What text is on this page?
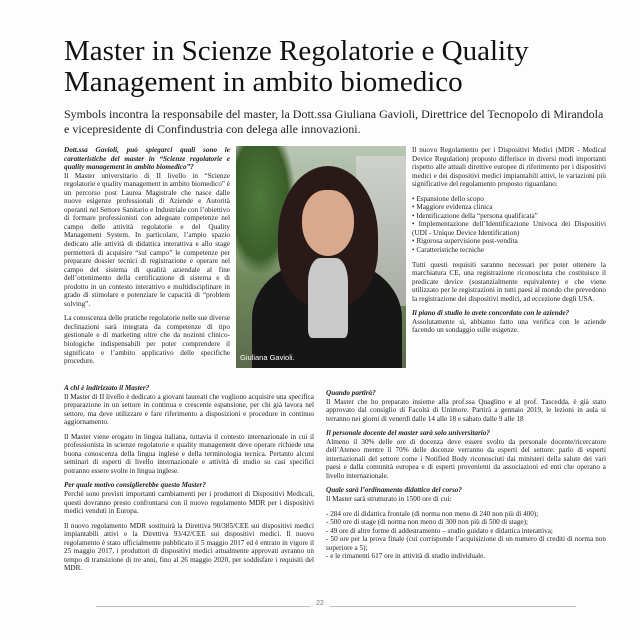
Master in Scienze Regolatorie e Quality Management in ambito biomedico

Symbols incontra la responsabile del master, la Dott.ssa Giuliana Gavioli, Direttrice del Tecnopolo di Mirandola e vicepresidente di Confindustria con delega alle innovazioni.

Dott.ssa Gavioli, può spiegarci quali sono le caratteristiche del master in “Scienze regolatorie e quality management in ambito biomedico”?
Il Master universitario di II livello in “Scienze regolatorie e quality management in ambito biomedico” è un percorso post Laurea Magistrale che nasce dalle nuove esigenze professionali di Aziende e Autorità operanti nel Settore Sanitario e Industriale con l’obiettivo di formare professionisti con adeguate competenze nel campo delle attività regolatorie e del Quality Management System. In particolare, l’ampio spazio dedicato alle attività di didattica interattiva e allo stage permetterà di acquisire “sul campo” le competenze per preparare dossier tecnici di registrazione e operare nel campo del sistema di qualità aziendale al fine dell’ottenimento della certificazione di sistema e di prodotto in un contesto interattivo e multidisciplinare in grado di stimolare e potenziare le capacità di “problem solving”.

La conoscenza delle pratiche regolatorie nelle sue diverse declinazioni sarà integrata da competenze di tipo gestionale e di marketing oltre che da nozioni clinico-biologiche indispensabili per poter comprendere il significato e l’ambito applicativo delle specifiche procedure.	Giuliana Gavioli.

Il nuovo Regolamento per i Dispositivi Medici (MDR - Medical Device Regulation) proposto differisce in diversi modi importanti rispetto alle attuali direttive europee di riferimento per i dispositivi medici e dei dispositivi medici impiantabili attivi, le variazioni più significative del regolamento proposto riguardano:

• Espansione dello scopo
• Maggiore evidenza clinica
• Identificazione della “persona qualificata”
• Implementazione dell’Identificazione Univoca dei Dispositivi (UDI - Unique Device Identification)
• Rigorosa supervisione post-vendita
• Caratteristiche tecniche

Tutti questi requisiti saranno necessari per poter ottenere la marchiatura CE, una registrazione riconosciuta che costituisce il predicate device (sostanzialmente equivalente) e che viene utilizzato per le registrazioni in tutti paesi al mondo che prevedono la registrazione dei dispositivi medici, ad eccezione degli USA.

Il piano di studio lo avete concordato con le aziende?
Assolutamente sì, abbiamo fatto una verifica con le aziende facendo un sondaggio sulle esigenze.

A chi è indirizzato il Master?
Il Master di II livello è dedicato a giovani laureati che vogliono acquisire una specifica preparazione in un settore in continua e crescente espansione, per chi già lavora nel settore, ma deve utilizzare e fare riferimento a disposizioni e procedure in continuo aggiornamento.

Il Master viene erogato in lingua italiana, tuttavia il contesto internazionale in cui il professionista in scienze regolatorie e quality management deve operare richiede una buona conoscenza della lingua inglese e della terminologia tecnica. Pertanto alcuni seminari di esperti di livello internazionale e attività di studio su casi specifici potranno essere svolte in lingua inglese.

Per quale motivo consiglierebbe questo Master?
Perché sono previsti importanti cambiamenti per i produttori di Dispositivi Medicali, questi dovranno presto confrontarsi con il nuovo regolamento MDR per i dispositivi medici venduti in Europa.

Il nuovo regolamento MDR sostituirà la Direttiva 90/385/CEE sui dispositivi medici impiantabili attivi e la Direttiva 93/42/CEE sui dispositivi medici. Il nuovo regolamento è stato ufficialmente pubblicato il 5 maggio 2017 ed è entrato in vigore il 25 maggio 2017, i produttori di dispositivi medici attualmente approvati avranno un tempo di transizione di tre anni, fino al 26 maggio 2020, per soddisfare i requisiti del MDR.

Quando partirà?
Il Master che ho preparato insieme alla prof.ssa Quaglino e al prof. Tascedda, è già stato approvato dal consiglio di Facoltà di Unimore. Partirà a gennaio 2019, le lezioni in aula si terranno nei giorni di venerdì dalle 14 alle 18 e sabato dalle 9 alle 18

Il personale docente del master sarà solo universitario?
Almeno il 30% delle ore di docenza deve essere svolto da personale docente/ricercatore dell’Ateneo mentre il 70% delle docenze verranno da esperti del settore: parlo di esperti internazionali del settore come i Notified Body riconosciuti dai ministeri della salute dei vari paesi e dalla comunità europea e di esperti provenienti da associazioni ed enti che operano a livello internazionale.

Quale sarà l’ordinamento didattico del corso?
Il Master sarà strutturato in 1500 ore di cui:

- 284 ore di didattica frontale (di norma non meno di 240 non più di 400);
- 500 ore di stage (di norma non meno di 300 non più di 500 di stage);
- 49 ore di altre forme di addestramento – studio guidato e didattica interattiva;
- 50 ore per la prova finale (cui corrisponde l’acquisizione di un numero di crediti di norma non superiore a 5);
- e le rimanenti 617 ore in attività di studio individuale.
22
